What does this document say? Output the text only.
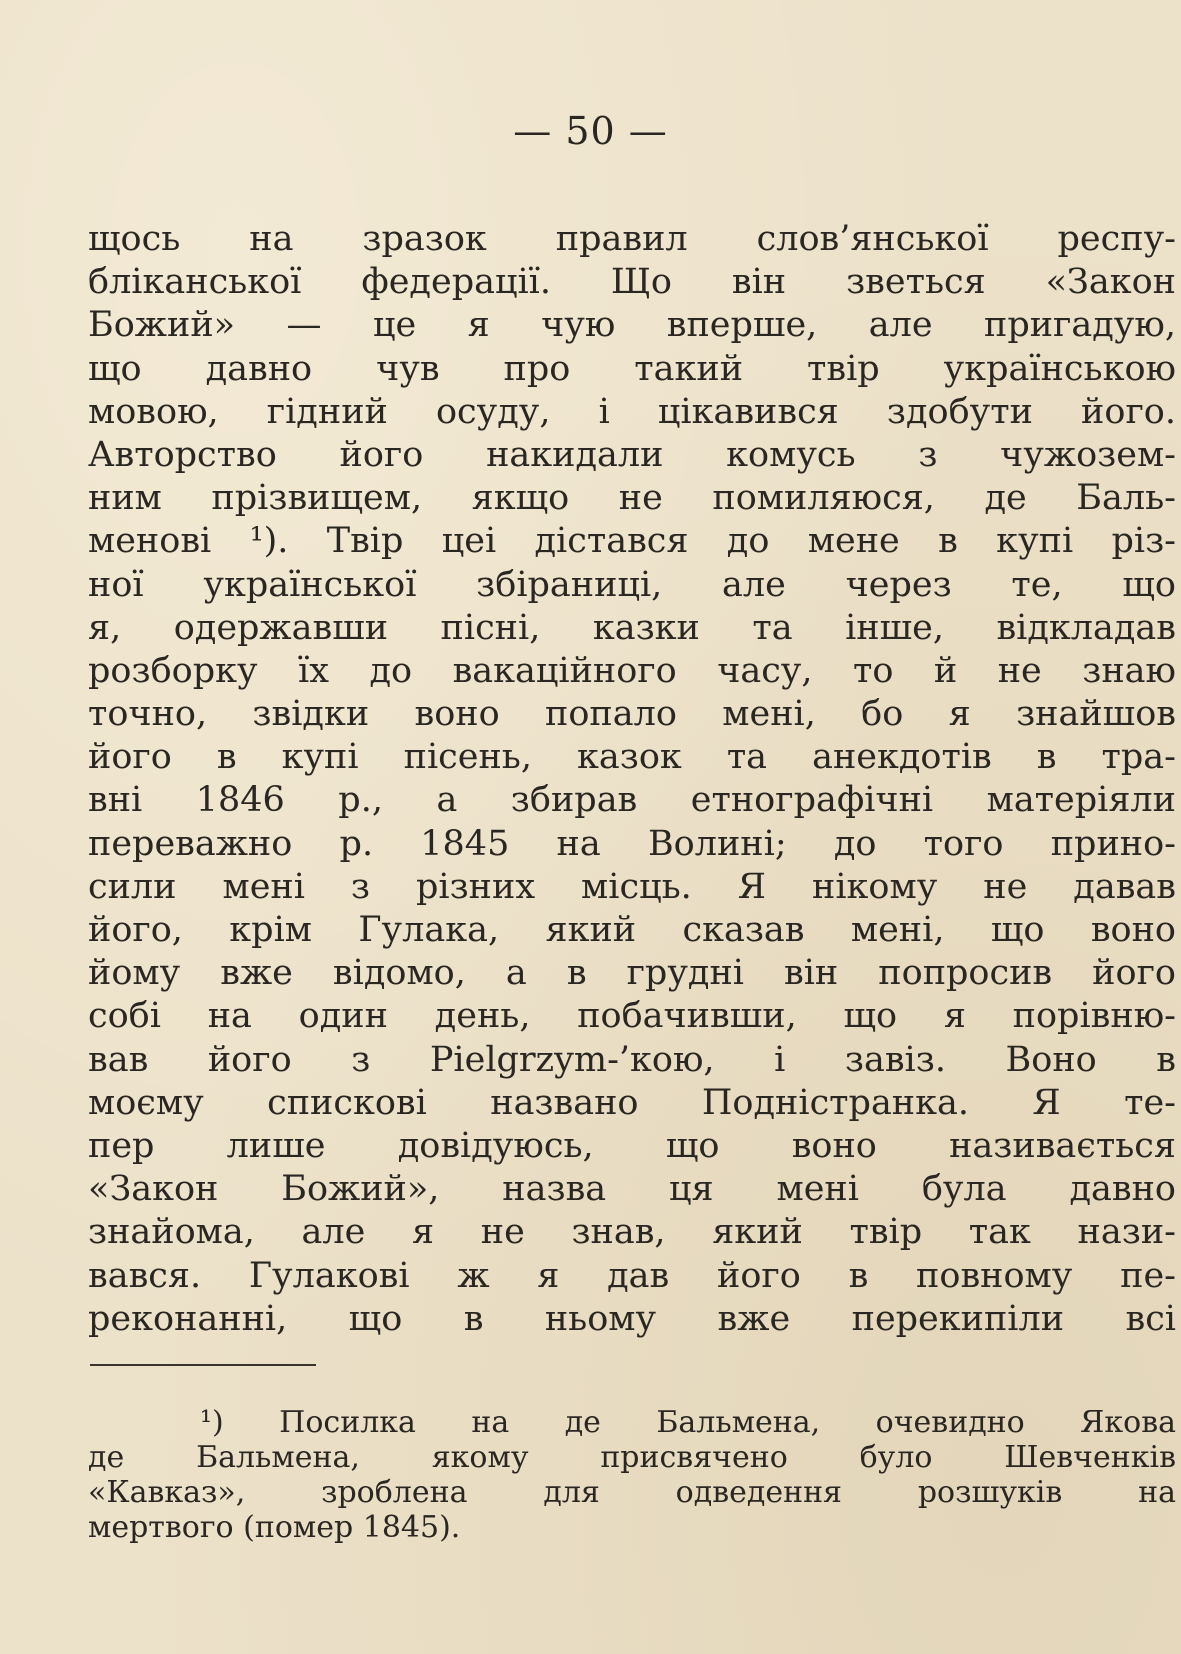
— 50 —
щось на зразок правил слов’янської респу-
бліканської федерації. Що він зветься «Закон
Божий» — це я чую вперше, але пригадую,
що давно чув про такий твір українською
мовою, гідний осуду, і цікавився здобути його.
Авторство його накидали комусь з чужозем-
ним прізвищем, якщо не помиляюся, де Баль-
менові ¹). Твір цеі дістався до мене в купі різ-
ної української збіраниці, але через те, що
я, одержавши пісні, казки та інше, відкладав
розборку їх до вакаційного часу, то й не знаю
точно, звідки воно попало мені, бо я знайшов
його в купі пісень, казок та анекдотів в тра-
вні 1846 р., а збирав етнографічні матеріяли
переважно р. 1845 на Волині; до того прино-
сили мені з різних місць. Я нікому не давав
його, крім Гулака, який сказав мені, що воно
йому вже відомо, а в грудні він попросив його
собі на один день, побачивши, що я порівню-
вав його з Pielgrzym-’кою, і завіз. Воно в
моєму спискові названо Подністранка. Я те-
пер лише довідуюсь, що воно називається
«Закон Божий», назва ця мені була давно
знайома, але я не знав, який твір так нази-
вався. Гулакові ж я дав його в повному пе-
реконанні, що в ньому вже перекипіли всі
¹) Посилка на де Бальмена, очевидно Якова
де Бальмена, якому присвячено було Шевченків
«Кавказ», зроблена для одведення розшуків на
мертвого (помер 1845).
